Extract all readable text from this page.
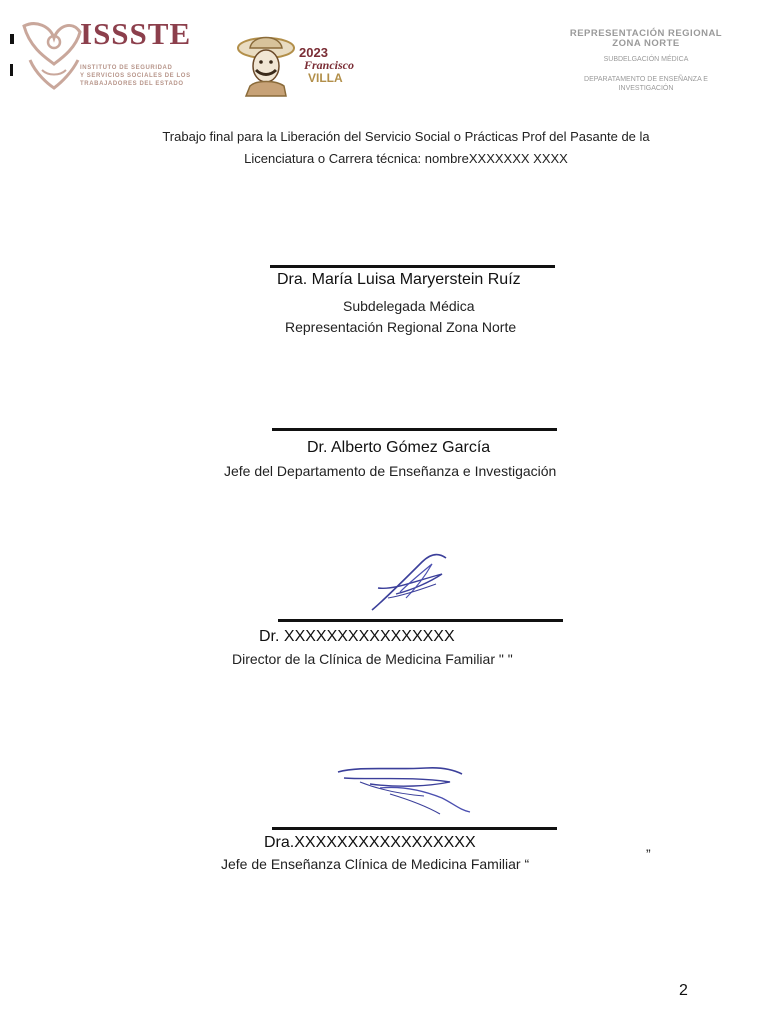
ISSSTE
INSTITUTO DE SEGURIDAD
Y SERVICIOS SOCIALES DE LOS
TRABAJADORES DEL ESTADO
2023
Francisco
VILLA
REPRESENTACIÓN REGIONAL
ZONA NORTE
SUBDELGACIÓN MÉDICA
DEPARATAMENTO DE ENSEÑANZA E
INVESTIGACIÓN
Trabajo final para la Liberación del Servicio Social o Prácticas Prof del Pasante de la
Licenciatura o Carrera técnica: nombreXXXXXXX XXXX
Dra. María Luisa Maryerstein Ruíz
Subdelegada Médica
Representación Regional Zona Norte
Dr. Alberto Gómez García
Jefe del Departamento de Enseñanza e Investigación
Dr. XXXXXXXXXXXXXXXX
Director de la Clínica de Medicina Familiar " "
Dra.XXXXXXXXXXXXXXXXX
Jefe de Enseñanza Clínica de Medicina Familiar “
”
2
